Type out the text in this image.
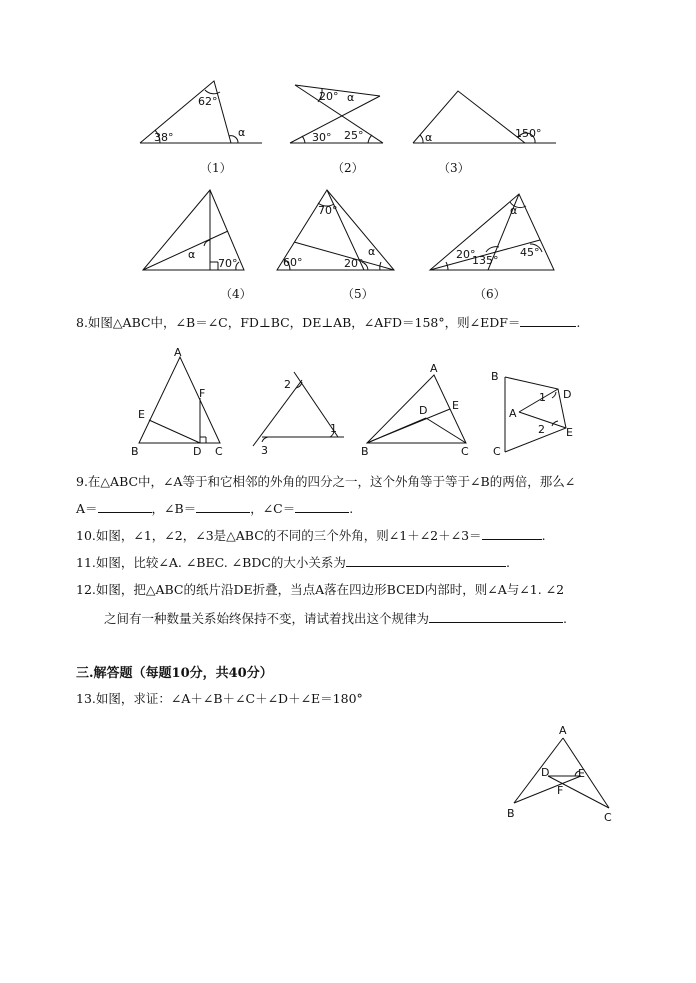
62°
38°	α
（1）
20° α
30° 25°
（2）
α	150°
（3）
α
70°
（4）
70°
60°	20°
α
（5）
α
20°
135°
45°
（6）
A
F
E
B	D C
2
1
3
A
D E
B	C
B
D
1
A
2 E
C
A
D	E
F
B	C
8.如图△ABC中，∠B＝∠C，FD⊥BC，DE⊥AB，∠AFD＝158°，则∠EDF＝	.
9.在△ABC中，∠A等于和它相邻的外角的四分之一，这个外角等于等于∠B的两倍，那么∠
A＝	，∠B＝	，∠C＝	.
10.如图，∠1，∠2，∠3是△ABC的不同的三个外角，则∠1＋∠2＋∠3＝	.
11.如图，比较∠A. ∠BEC. ∠BDC的大小关系为	.
12.如图，把△ABC的纸片沿DE折叠，当点A落在四边形BCED内部时，则∠A与∠1. ∠2
之间有一种数量关系始终保持不变，请试着找出这个规律为	.
三.解答题（每题10分，共40分）
13.如图，求证：∠A＋∠B＋∠C＋∠D＋∠E＝180°
